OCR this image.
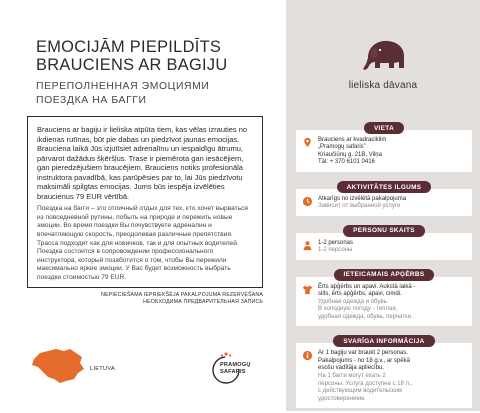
EMOCIJĀM PIEPILDĪTS
BRAUCIENS AR BAGIJU
ПЕРЕПОЛНЕННАЯ ЭМОЦИЯМИ
ПОЕЗДКА НА БАГГИ
Brauciens ar bagiju ir lieliska atpūta tiem, kas vēlas izrauties no ikdienas rutīnas, būt pie dabas un piedzīvot jaunas emocijas. Brauciena laikā Jūs izjutīsiet adrenalīnu un iespaidīgu ātrumu, pārvarot dažādus šķēršļus. Trase ir piemērota gan iesācējiem, gan pieredzējušiem braucējiem. Brauciens notiks profesionāla instruktora pavadībā, kas parūpēsies par to, lai Jūs piedzīvotu maksimāli spilgtas emocijas. Jums būs iespēja izvēlēties braucienus 79 EUR vērtībā.
Поездка на багги – это отличный отдых для тех, кто хочет вырваться из повседневной рутины, побыть на природе и пережить новые эмоции. Во время поездки Вы почувствуете адреналин и впечатляющую скорость, преодолевая различные препятствия. Трасса подходит как для новичков, так и для опытных водителей. Поездка состоится в сопровождении профессионального инструктора, который позаботится о том, чтобы Вы пережили максимально яркие эмоции. У Вас будет возможность выбрать поездки стоимостью 79 EUR.
NEPIECIEŠAMA IEPRIEKŠĒJA PAKALPOJUMA REZERVĒŠANA
НЕОБХОДИМА ПРЕДВАРИТЕЛЬНАЯ ЗАПИСЬ
LIETUVA
PRAMOGŲ
SAFARIS
lieliska dāvana
VIETA
Brauciens ar kvadraciklim
„Pramogų safaris”
Kriaučiūnų g. 21B, Vilņa
Tāl: + 370 6101 0416
AKTIVITĀTES ILGUMS
Atkarīgs no izvēlētā pakalpojuma
Зависит от выбранной услуги
PERSONU SKAITS
1-2 personas
1-2 персоны
IETEICAMAIS APĢĒRBS
Ērts apģērbs un apavi. Aukstā laikā -
silts, ērts apģērbs, apavi, cimdi.
Удобная одежда и обувь.
В холодную погоду - теплая,
удобная одежда, обувь, перчатки.
SVARĪGA INFORMĀCIJA
Ar 1 bagiju var braukt 2 personas.
Pakalpojums - no 18 g.v., ar spēkā
esošu vadītāja apliecību.
На 1 багги могут ехать 2
персоны. Услуга доступна с 18 л.,
с действующим водительским
удостоверением.
